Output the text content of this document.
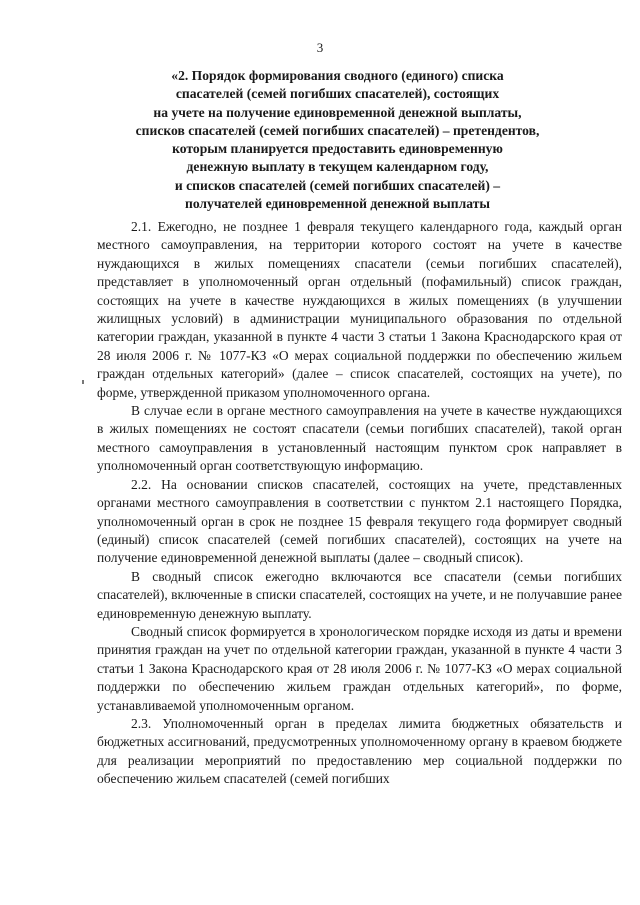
3
«2. Порядок формирования сводного (единого) списка
спасателей (семей погибших спасателей), состоящих
на учете на получение единовременной денежной выплаты,
списков спасателей (семей погибших спасателей) – претендентов,
которым планируется предоставить единовременную
денежную выплату в текущем календарном году,
и списков спасателей (семей погибших спасателей) –
получателей единовременной денежной выплаты

2.1. Ежегодно, не позднее 1 февраля текущего календарного года, каждый орган местного самоуправления, на территории которого состоят на учете в качестве нуждающихся в жилых помещениях спасатели (семьи погибших спасателей), представляет в уполномоченный орган отдельный (пофамильный) список граждан, состоящих на учете в качестве нуждающихся в жилых помещениях (в улучшении жилищных условий) в администрации муниципального образования по отдельной категории граждан, указанной в пункте 4 части 3 статьи 1 Закона Краснодарского края от 28 июля 2006 г. № 1077-КЗ «О мерах социальной поддержки по обеспечению жильем граждан отдельных категорий» (далее – список спасателей, состоящих на учете), по форме, утвержденной приказом уполномоченного органа.

В случае если в органе местного самоуправления на учете в качестве нуждающихся в жилых помещениях не состоят спасатели (семьи погибших спасателей), такой орган местного самоуправления в установленный настоящим пунктом срок направляет в уполномоченный орган соответствующую информацию.

2.2. На основании списков спасателей, состоящих на учете, представленных органами местного самоуправления в соответствии с пунктом 2.1 настоящего Порядка, уполномоченный орган в срок не позднее 15 февраля текущего года формирует сводный (единый) список спасателей (семей погибших спасателей), состоящих на учете на получение единовременной денежной выплаты (далее – сводный список).

В сводный список ежегодно включаются все спасатели (семьи погибших спасателей), включенные в списки спасателей, состоящих на учете, и не получавшие ранее единовременную денежную выплату.

Сводный список формируется в хронологическом порядке исходя из даты и времени принятия граждан на учет по отдельной категории граждан, указанной в пункте 4 части 3 статьи 1 Закона Краснодарского края от 28 июля 2006 г. № 1077-КЗ «О мерах социальной поддержки по обеспечению жильем граждан отдельных категорий», по форме, устанавливаемой уполномоченным органом.

2.3. Уполномоченный орган в пределах лимита бюджетных обязательств и бюджетных ассигнований, предусмотренных уполномоченному органу в краевом бюджете для реализации мероприятий по предоставлению мер социальной поддержки по обеспечению жильем спасателей (семей погибших
